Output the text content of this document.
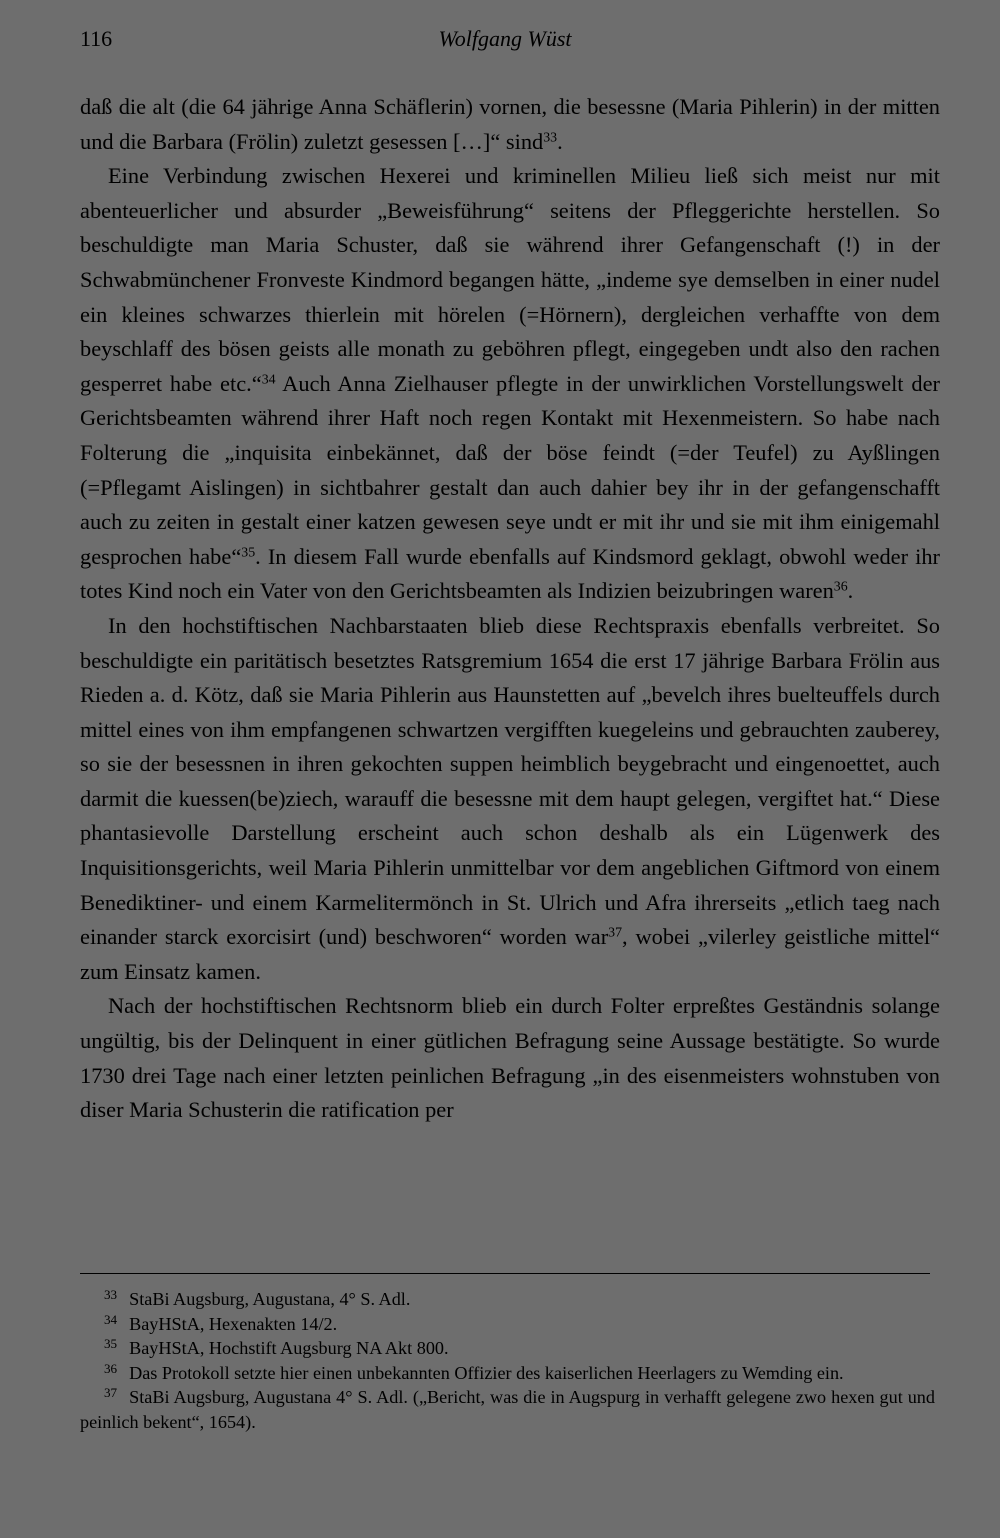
116	Wolfgang Wüst

daß die alt (die 64 jährige Anna Schäflerin) vornen, die besessne (Maria Pihlerin) in der mitten und die Barbara (Frölin) zuletzt gesessen […]“ sind$^{33}$.

Eine Verbindung zwischen Hexerei und kriminellen Milieu ließ sich meist nur mit abenteuerlicher und absurder „Beweisführung“ seitens der Pfleggerichte herstellen. So beschuldigte man Maria Schuster, daß sie während ihrer Gefangenschaft (!) in der Schwabmünchener Fronveste Kindmord begangen hätte, „indeme sye demselben in einer nudel ein kleines schwarzes thierlein mit hörelen (=Hörnern), dergleichen verhaffte von dem beyschlaff des bösen geists alle monath zu geböhren pflegt, eingegeben undt also den rachen gesperret habe etc.“$^{34}$ Auch Anna Zielhauser pflegte in der unwirklichen Vorstellungswelt der Gerichtsbeamten während ihrer Haft noch regen Kontakt mit Hexenmeistern. So habe nach Folterung die „inquisita einbekännet, daß der böse feindt (=der Teufel) zu Ayßlingen (=Pflegamt Aislingen) in sichtbahrer gestalt dan auch dahier bey ihr in der gefangenschafft auch zu zeiten in gestalt einer katzen gewesen seye undt er mit ihr und sie mit ihm einigemahl gesprochen habe“$^{35}$. In diesem Fall wurde ebenfalls auf Kindsmord geklagt, obwohl weder ihr totes Kind noch ein Vater von den Gerichtsbeamten als Indizien beizubringen waren$^{36}$.

In den hochstiftischen Nachbarstaaten blieb diese Rechtspraxis ebenfalls verbreitet. So beschuldigte ein paritätisch besetztes Ratsgremium 1654 die erst 17 jährige Barbara Frölin aus Rieden a. d. Kötz, daß sie Maria Pihlerin aus Haunstetten auf „bevelch ihres buelteuffels durch mittel eines von ihm empfangenen schwartzen vergifften kuegeleins und gebrauchten zauberey, so sie der besessnen in ihren gekochten suppen heimblich beygebracht und eingenoettet, auch darmit die kuessen(be)ziech, warauff die besessne mit dem haupt gelegen, vergiftet hat.“ Diese phantasievolle Darstellung erscheint auch schon deshalb als ein Lügenwerk des Inquisitionsgerichts, weil Maria Pihlerin unmittelbar vor dem angeblichen Giftmord von einem Benediktiner- und einem Karmelitermönch in St. Ulrich und Afra ihrerseits „etlich taeg nach einander starck exorcisirt (und) beschworen“ worden war$^{37}$, wobei „vilerley geistliche mittel“ zum Einsatz kamen.

Nach der hochstiftischen Rechtsnorm blieb ein durch Folter erpreßtes Geständnis solange ungültig, bis der Delinquent in einer gütlichen Befragung seine Aussage bestätigte. So wurde 1730 drei Tage nach einer letzten peinlichen Befragung „in des eisenmeisters wohnstuben von diser Maria Schusterin die ratification per

$^{33}$ StaBi Augsburg, Augustana, 4° S. Adl.

$^{34}$ BayHStA, Hexenakten 14/2.

$^{35}$ BayHStA, Hochstift Augsburg NA Akt 800.

$^{36}$ Das Protokoll setzte hier einen unbekannten Offizier des kaiserlichen Heerlagers zu Wemding ein.

$^{37}$ StaBi Augsburg, Augustana 4° S. Adl. („Bericht, was die in Augspurg in verhafft gelegene zwo hexen gut und peinlich bekent“, 1654).
